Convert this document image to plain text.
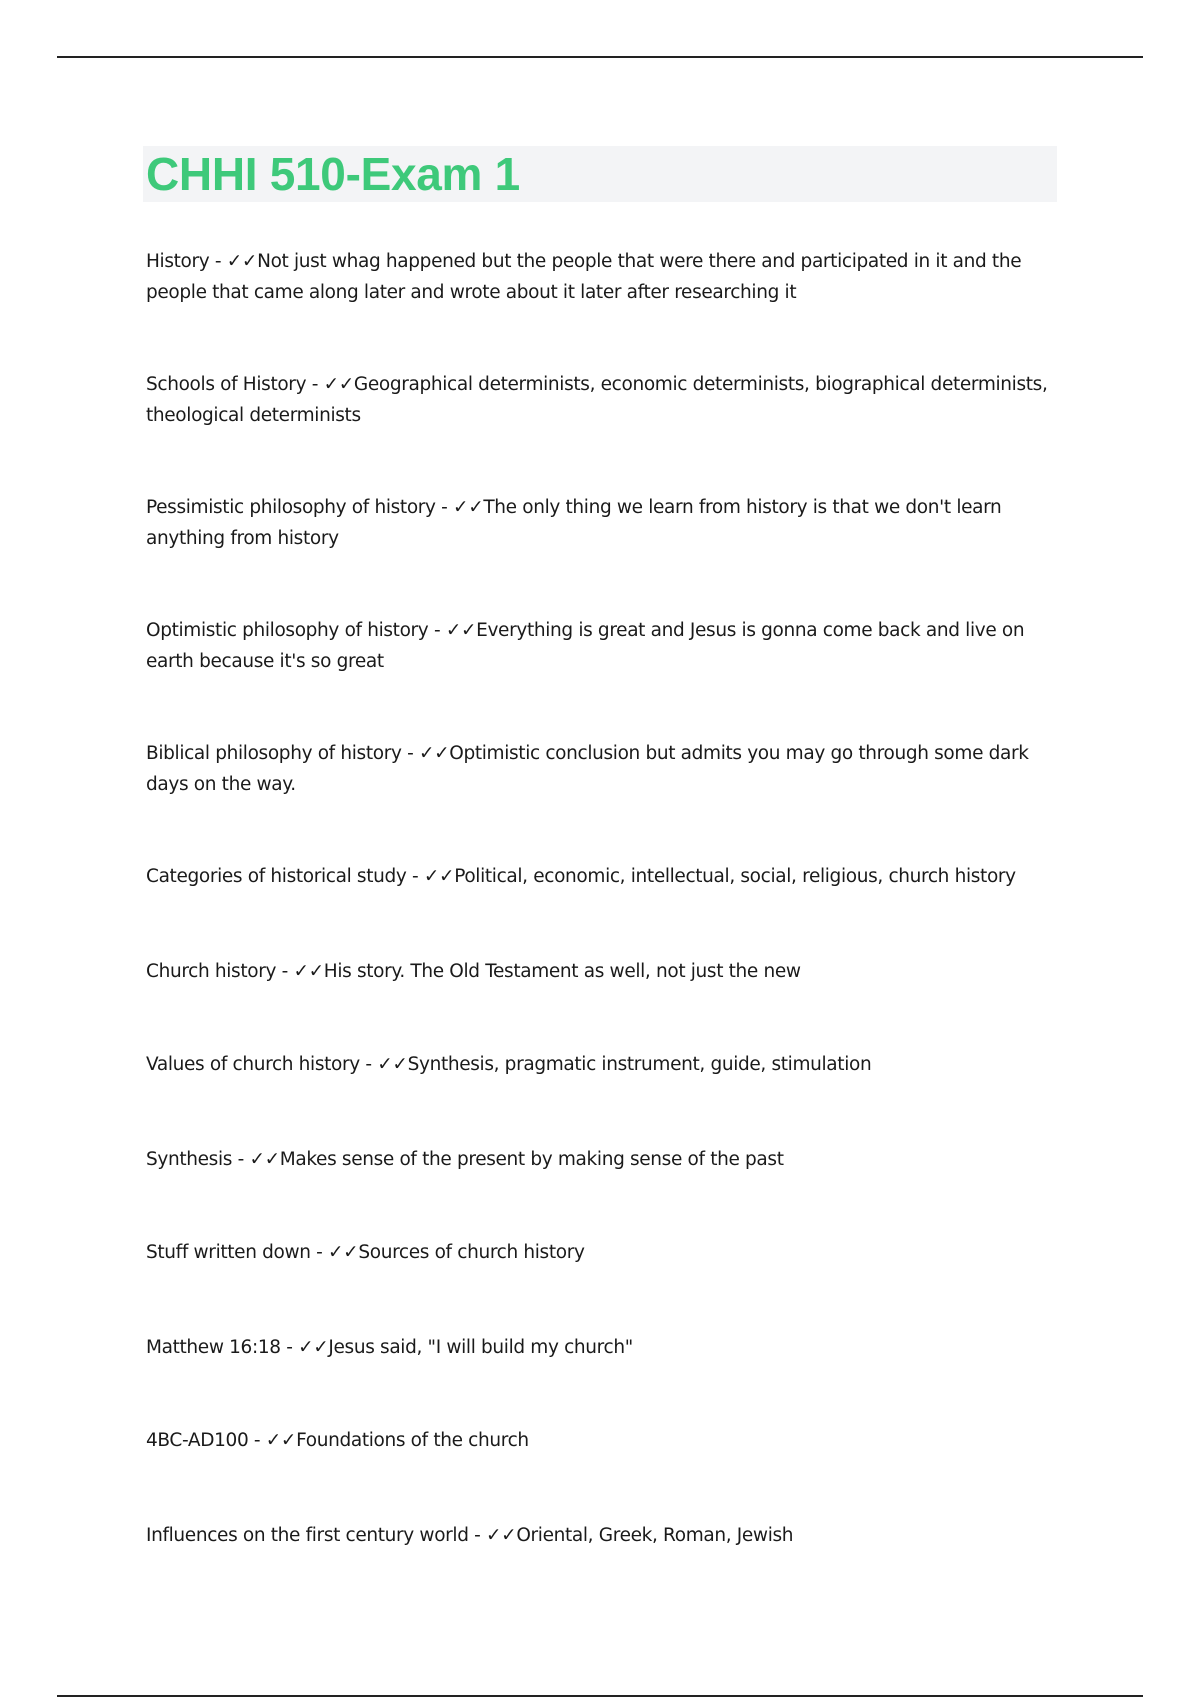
CHHI 510-Exam 1
History - ✓✓Not just whag happened but the people that were there and participated in it and the people that came along later and wrote about it later after researching it
Schools of History - ✓✓Geographical determinists, economic determinists, biographical determinists, theological determinists
Pessimistic philosophy of history - ✓✓The only thing we learn from history is that we don't learn anything from history
Optimistic philosophy of history - ✓✓Everything is great and Jesus is gonna come back and live on earth because it's so great
Biblical philosophy of history - ✓✓Optimistic conclusion but admits you may go through some dark days on the way.
Categories of historical study - ✓✓Political, economic, intellectual, social, religious, church history
Church history - ✓✓His story. The Old Testament as well, not just the new
Values of church history - ✓✓Synthesis, pragmatic instrument, guide, stimulation
Synthesis - ✓✓Makes sense of the present by making sense of the past
Stuff written down - ✓✓Sources of church history
Matthew 16:18 - ✓✓Jesus said, "I will build my church"
4BC-AD100 - ✓✓Foundations of the church
Influences on the first century world - ✓✓Oriental, Greek, Roman, Jewish
